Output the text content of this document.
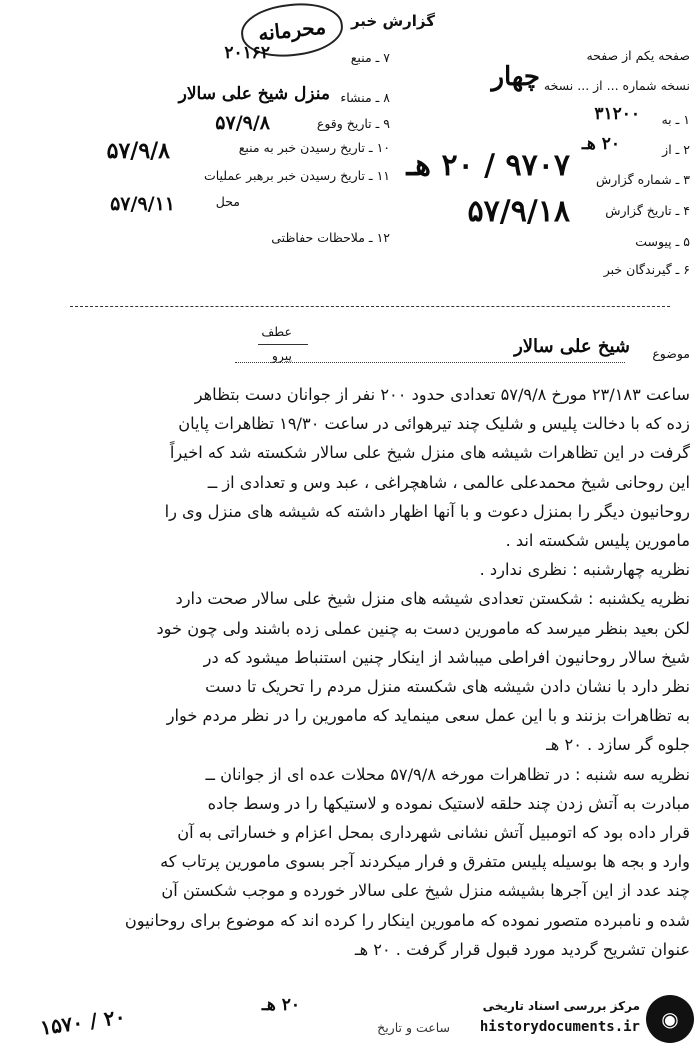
گزارش خبر
محرمانه
صفحه یکم از صفحه
نسخه شماره ... از ... نسخه
چهار
۱ ـ به
۳۱۲۰۰
۲ ـ از
۲۰ هـ
۳ ـ شماره گزارش
۹۷۰۷ / ۲۰ هـ
۴ ـ تاریخ گزارش
۵۷/۹/۱۸
۵ ـ پیوست
۶ ـ گیرندگان خبر
۷ ـ منبع
۲۰۱۶۲
۸ ـ منشاء
منزل شیخ علی سالار
۹ ـ تاریخ وقوع
۵۷/۹/۸
۱۰ ـ تاریخ رسیدن خبر به منبع
۵۷/۹/۸
۱۱ ـ تاریخ رسیدن خبر برهبر عملیات
محل
۵۷/۹/۱۱
۱۲ ـ ملاحظات حفاظتی
عطف
پیرو	موضوع
شیخ علی سالار

ساعت ۲۳/۱۸۳ مورخ ۵۷/۹/۸ تعدادی حدود ۲۰۰ نفر از جوانان دست بتظاهر

زده که با دخالت پلیس و شلیک چند تیرهوائی در ساعت ۱۹/۳۰ تظاهرات پایان

گرفت در این تظاهرات شیشه های منزل شیخ علی سالار شکسته شد که اخیراً

این روحانی شیخ محمدعلی عالمی ، شاهچراغی ، عبد وس و تعدادی از ــ

روحانیون دیگر را بمنزل دعوت و با آنها اظهار داشته که شیشه های منزل وی را

مامورین پلیس شکسته اند .

نظریه چهارشنبه : نظری ندارد .

نظریه یکشنبه : شکستن تعدادی شیشه های منزل شیخ علی سالار صحت دارد

لکن بعید بنظر میرسد که مامورین دست به چنین عملی زده باشند ولی چون خود

شیخ سالار روحانیون افراطی میباشد از اینکار چنین استنباط میشود که در

نظر دارد با نشان دادن شیشه های شکسته منزل مردم را تحریک تا دست

به تظاهرات بزنند و با این عمل سعی مینماید که مامورین را در نظر مردم خوار

جلوه گر سازد . ۲۰ هـ

نظریه سه شنبه : در تظاهرات مورخه ۵۷/۹/۸ محلات عده ای از جوانان ــ

مبادرت به آتش زدن چند حلقه لاستیک نموده و لاستیکها را در وسط جاده

قرار داده بود که اتومبیل آتش نشانی شهرداری بمحل اعزام و خساراتی به آن

وارد و بجه ها بوسیله پلیس متفرق و فرار میکردند آجر بسوی مامورین پرتاب که

چند عدد از این آجرها بشیشه منزل شیخ علی سالار خورده و موجب شکستن آن

شده و نامبرده متصور نموده که مامورین اینکار را کرده اند که موضوع برای روحانیون

عنوان تشریح گردید مورد قبول قرار گرفت . ۲۰ هـ

۲۰ هـ
۱۵۷۰ / ۲۰	ساعت و تاریخ	◉
مرکز بررسی اسناد تاریخی
historydocuments.ir
